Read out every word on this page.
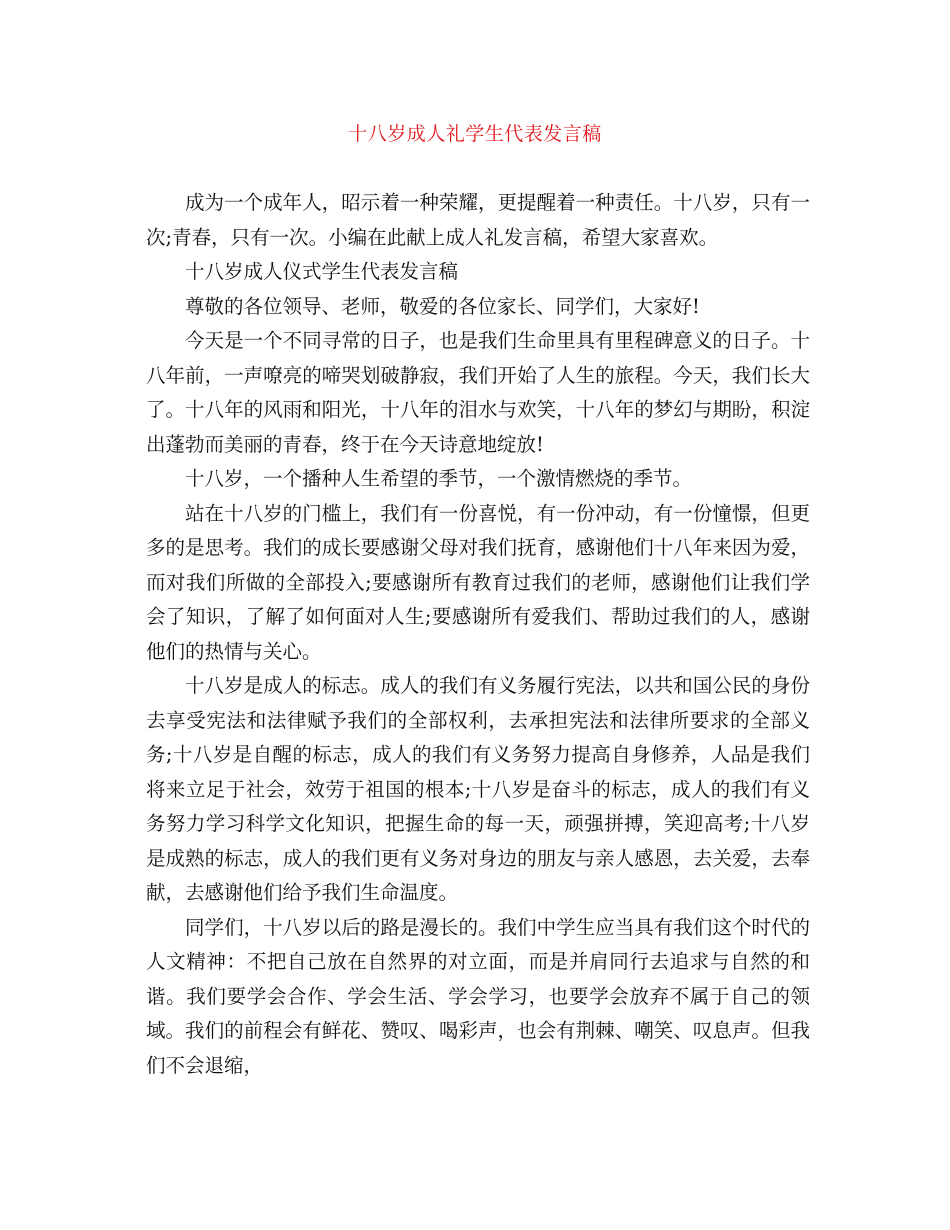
十八岁成人礼学生代表发言稿

成为一个成年人，昭示着一种荣耀，更提醒着一种责任。十八岁，只有一次;青春，只有一次。小编在此献上成人礼发言稿，希望大家喜欢。

十八岁成人仪式学生代表发言稿

尊敬的各位领导、老师，敬爱的各位家长、同学们，大家好!

今天是一个不同寻常的日子，也是我们生命里具有里程碑意义的日子。十八年前，一声嘹亮的啼哭划破静寂，我们开始了人生的旅程。今天，我们长大了。十八年的风雨和阳光，十八年的泪水与欢笑，十八年的梦幻与期盼，积淀出蓬勃而美丽的青春，终于在今天诗意地绽放!

十八岁，一个播种人生希望的季节，一个激情燃烧的季节。

站在十八岁的门槛上，我们有一份喜悦，有一份冲动，有一份憧憬，但更多的是思考。我们的成长要感谢父母对我们抚育，感谢他们十八年来因为爱，而对我们所做的全部投入;要感谢所有教育过我们的老师，感谢他们让我们学会了知识，了解了如何面对人生;要感谢所有爱我们、帮助过我们的人，感谢他们的热情与关心。

十八岁是成人的标志。成人的我们有义务履行宪法，以共和国公民的身份去享受宪法和法律赋予我们的全部权利，去承担宪法和法律所要求的全部义务;十八岁是自醒的标志，成人的我们有义务努力提高自身修养，人品是我们将来立足于社会，效劳于祖国的根本;十八岁是奋斗的标志，成人的我们有义务努力学习科学文化知识，把握生命的每一天，顽强拼搏，笑迎高考;十八岁是成熟的标志，成人的我们更有义务对身边的朋友与亲人感恩，去关爱，去奉献，去感谢他们给予我们生命温度。

同学们，十八岁以后的路是漫长的。我们中学生应当具有我们这个时代的人文精神：不把自己放在自然界的对立面，而是并肩同行去追求与自然的和谐。我们要学会合作、学会生活、学会学习，也要学会放弃不属于自己的领域。我们的前程会有鲜花、赞叹、喝彩声，也会有荆棘、嘲笑、叹息声。但我们不会退缩，
